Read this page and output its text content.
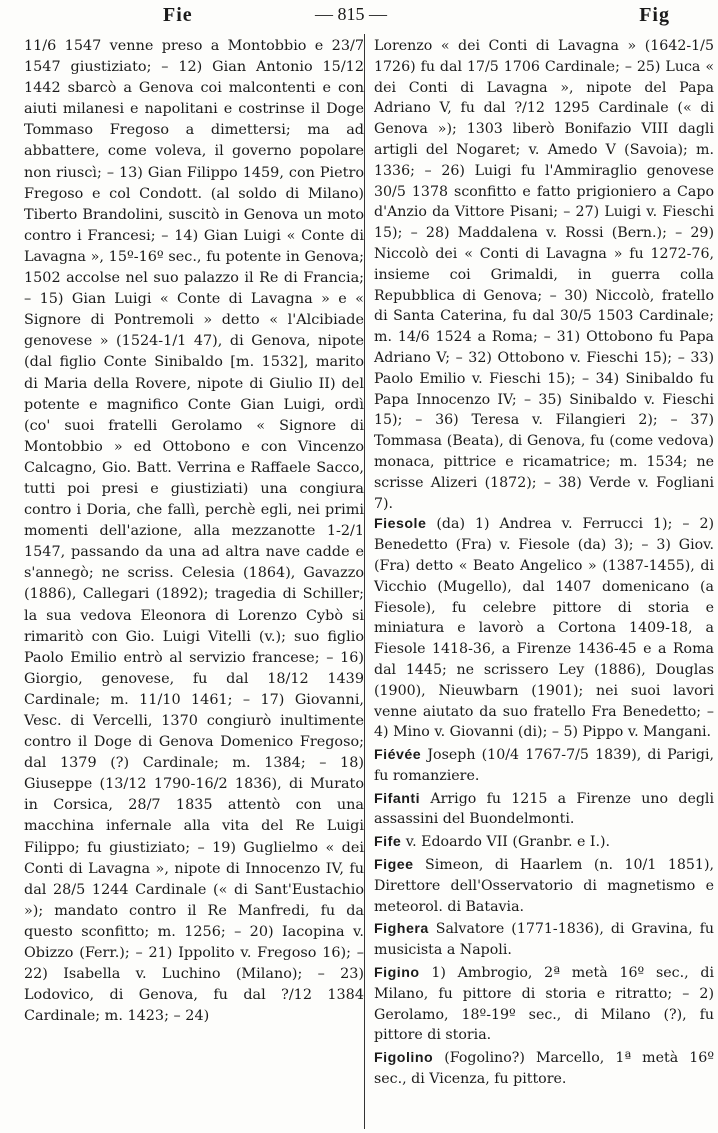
Fie	— 815 —	Fig

11/6 1547 venne preso a Montobbio e 23/7 1547 giustiziato; – 12) Gian Antonio 15/12 1442 sbarcò a Genova coi malcontenti e con aiuti milanesi e napolitani e costrinse il Doge Tommaso Fregoso a dimettersi; ma ad abbattere, come voleva, il governo popolare non riuscì; – 13) Gian Filippo 1459, con Pietro Fregoso e col Condott. (al soldo di Milano) Tiberto Brandolini, suscitò in Genova un moto contro i Francesi; – 14) Gian Luigi « Conte di Lavagna », 15º-16º sec., fu potente in Genova; 1502 accolse nel suo palazzo il Re di Francia; – 15) Gian Luigi « Conte di Lavagna » e « Signore di Pontremoli » detto « l'Alcibiade genovese » (1524-1/1 47), di Genova, nipote (dal figlio Conte Sinibaldo [m. 1532], marito di Maria della Rovere, nipote di Giulio II) del potente e magnifico Conte Gian Luigi, ordì (co' suoi fratelli Gerolamo « Signore di Montobbio » ed Ottobono e con Vincenzo Calcagno, Gio. Batt. Verrina e Raffaele Sacco, tutti poi presi e giustiziati) una congiura contro i Doria, che fallì, perchè egli, nei primi momenti dell'azione, alla mezzanotte 1-2/1 1547, passando da una ad altra nave cadde e s'annegò; ne scriss. Celesia (1864), Gavazzo (1886), Callegari (1892); tragedia di Schiller; la sua vedova Eleonora di Lorenzo Cybò si rimaritò con Gio. Luigi Vitelli (v.); suo figlio Paolo Emilio entrò al servizio francese; – 16) Giorgio, genovese, fu dal 18/12 1439 Cardinale; m. 11/10 1461; – 17) Giovanni, Vesc. di Vercelli, 1370 congiurò inultimente contro il Doge di Genova Domenico Fregoso; dal 1379 (?) Cardinale; m. 1384; – 18) Giuseppe (13/12 1790-16/2 1836), di Murato in Corsica, 28/7 1835 attentò con una macchina infernale alla vita del Re Luigi Filippo; fu giustiziato; – 19) Guglielmo « dei Conti di Lavagna », nipote di Innocenzo IV, fu dal 28/5 1244 Cardinale (« di Sant'Eustachio »); mandato contro il Re Manfredi, fu da questo sconfitto; m. 1256; – 20) Iacopina v. Obizzo (Ferr.); – 21) Ippolito v. Fregoso 16); – 22) Isabella v. Luchino (Milano); – 23) Lodovico, di Genova, fu dal ?/12 1384 Cardinale; m. 1423; – 24)

Lorenzo « dei Conti di Lavagna » (1642-1/5 1726) fu dal 17/5 1706 Cardinale; – 25) Luca « dei Conti di Lavagna », nipote del Papa Adriano V, fu dal ?/12 1295 Cardinale (« di Genova »); 1303 liberò Bonifazio VIII dagli artigli del Nogaret; v. Amedo V (Savoia); m. 1336; – 26) Luigi fu l'Ammiraglio genovese 30/5 1378 sconfitto e fatto prigioniero a Capo d'Anzio da Vittore Pisani; – 27) Luigi v. Fieschi 15); – 28) Maddalena v. Rossi (Bern.); – 29) Niccolò dei « Conti di Lavagna » fu 1272-76, insieme coi Grimaldi, in guerra colla Repubblica di Genova; – 30) Niccolò, fratello di Santa Caterina, fu dal 30/5 1503 Cardinale; m. 14/6 1524 a Roma; – 31) Ottobono fu Papa Adriano V; – 32) Ottobono v. Fieschi 15); – 33) Paolo Emilio v. Fieschi 15); – 34) Sinibaldo fu Papa Innocenzo IV; – 35) Sinibaldo v. Fieschi 15); – 36) Teresa v. Filangieri 2); – 37) Tommasa (Beata), di Genova, fu (come vedova) monaca, pittrice e ricamatrice; m. 1534; ne scrisse Alizeri (1872); – 38) Verde v. Fogliani 7).

Fiesole (da) 1) Andrea v. Ferrucci 1); – 2) Benedetto (Fra) v. Fiesole (da) 3); – 3) Giov. (Fra) detto « Beato Angelico » (1387-1455), di Vicchio (Mugello), dal 1407 domenicano (a Fiesole), fu celebre pittore di storia e miniatura e lavorò a Cortona 1409-18, a Fiesole 1418-36, a Firenze 1436-45 e a Roma dal 1445; ne scrissero Ley (1886), Douglas (1900), Nieuwbarn (1901); nei suoi lavori venne aiutato da suo fratello Fra Benedetto; – 4) Mino v. Giovanni (di); – 5) Pippo v. Mangani.

Fiévée Joseph (10/4 1767-7/5 1839), di Parigi, fu romanziere.

Fifanti Arrigo fu 1215 a Firenze uno degli assassini del Buondelmonti.

Fife v. Edoardo VII (Granbr. e I.).

Figee Simeon, di Haarlem (n. 10/1 1851), Direttore dell'Osservatorio di magnetismo e meteorol. di Batavia.

Fighera Salvatore (1771-1836), di Gravina, fu musicista a Napoli.

Figino 1) Ambrogio, 2ª metà 16º sec., di Milano, fu pittore di storia e ritratto; – 2) Gerolamo, 18º-19º sec., di Milano (?), fu pittore di storia.

Figolino (Fogolino?) Marcello, 1ª metà 16º sec., di Vicenza, fu pittore.
